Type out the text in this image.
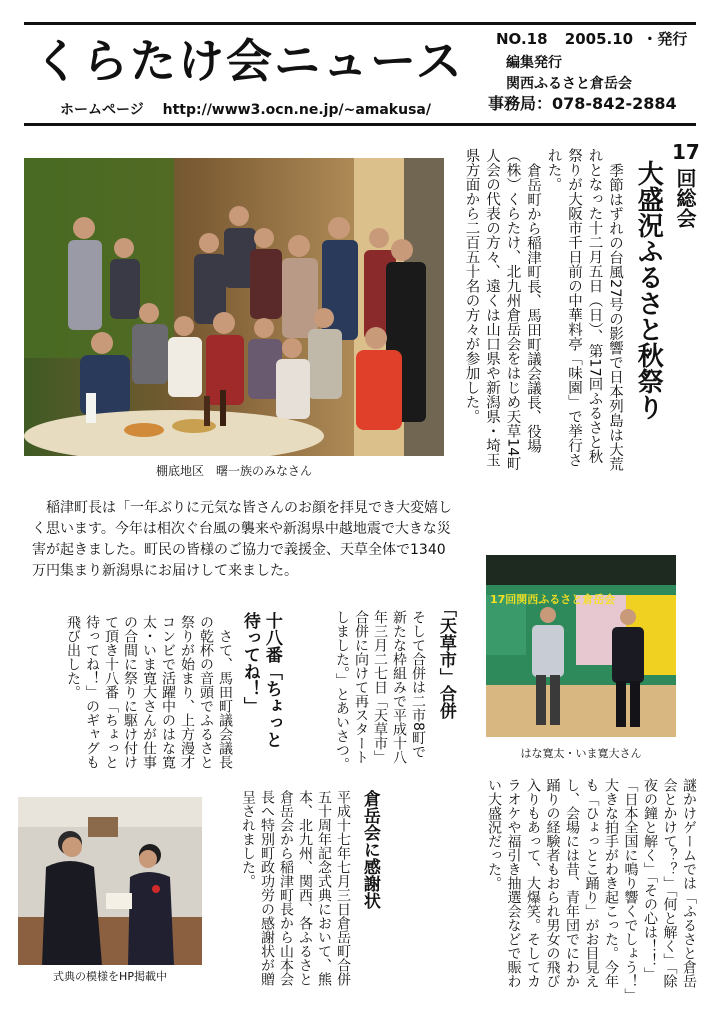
くらたけ会ニュース
ホームページ http://www3.ocn.ne.jp/~amakusa/
NO.18 2005.10 ・発行
編集発行
関西ふるさと倉岳会
事務局：078-842-2884
17
回総会
大盛況ふるさと秋祭り

季節はずれの台風27号の影響で日本列島は大荒れとなった十二月五日（日）、第17回ふるさと秋祭りが大阪市千日前の中華料亭「味園」で挙行された。

倉岳町から稲津町長、馬田町議会議長、役場（株）くらたけ、北九州倉岳会をはじめ天草14町人会の代表の方々、遠くは山口県や新潟県・埼玉県方面から二百五十名の方々が参加した。

棚底地区　曙一族のみなさん
稲津町長は「一年ぶりに元気な皆さんのお顔を拝見でき大変嬉しく思います。今年は相次ぐ台風の襲来や新潟県中越地震で大きな災害が起きました。町民の皆様のご協力で義援金、天草全体で1340万円集まり新潟県にお届けして来ました。
17回関西ふるさと倉岳会
はな寛太・いま寛大さん
「天草市」合併

そして合併は二市8町で新たな枠組みで平成十八年三月二七日「天草市」合併に向けて再スタートしました。」とあいさつ。

十八番「ちょっと
待ってね！」

さて、馬田町議会議長の乾杯の音頭でふるさと祭りが始まり、上方漫才コンビで活躍中のはな寛太・いま寛大さんが仕事の合間に祭りに駆け付けて頂き十八番「ちょっと待ってね！」のギャグも飛び出した。

倉岳会に感謝状

平成十七年七月三日倉岳町合併五十周年記念式典において、熊本、北九州、関西、各ふるさと倉岳会から稲津町長から山本会長へ特別町政功労の感謝状が贈呈されました。

式典の模様をHP掲載中	謎かけゲームでは「ふるさと倉岳会とかけて？？」「何と解く」「除夜の鐘と解く」「その心は！！」「日本全国に鳴り響くでしょう！」大きな拍手がわき起こった。今年も「ひょっとこ踊り」がお目見えし、会場には昔、青年団でにわか踊りの経験者もおられ男女の飛び入りもあって、大爆笑。そしてカラオケや福引き抽選会などで賑わい大盛況だった。
